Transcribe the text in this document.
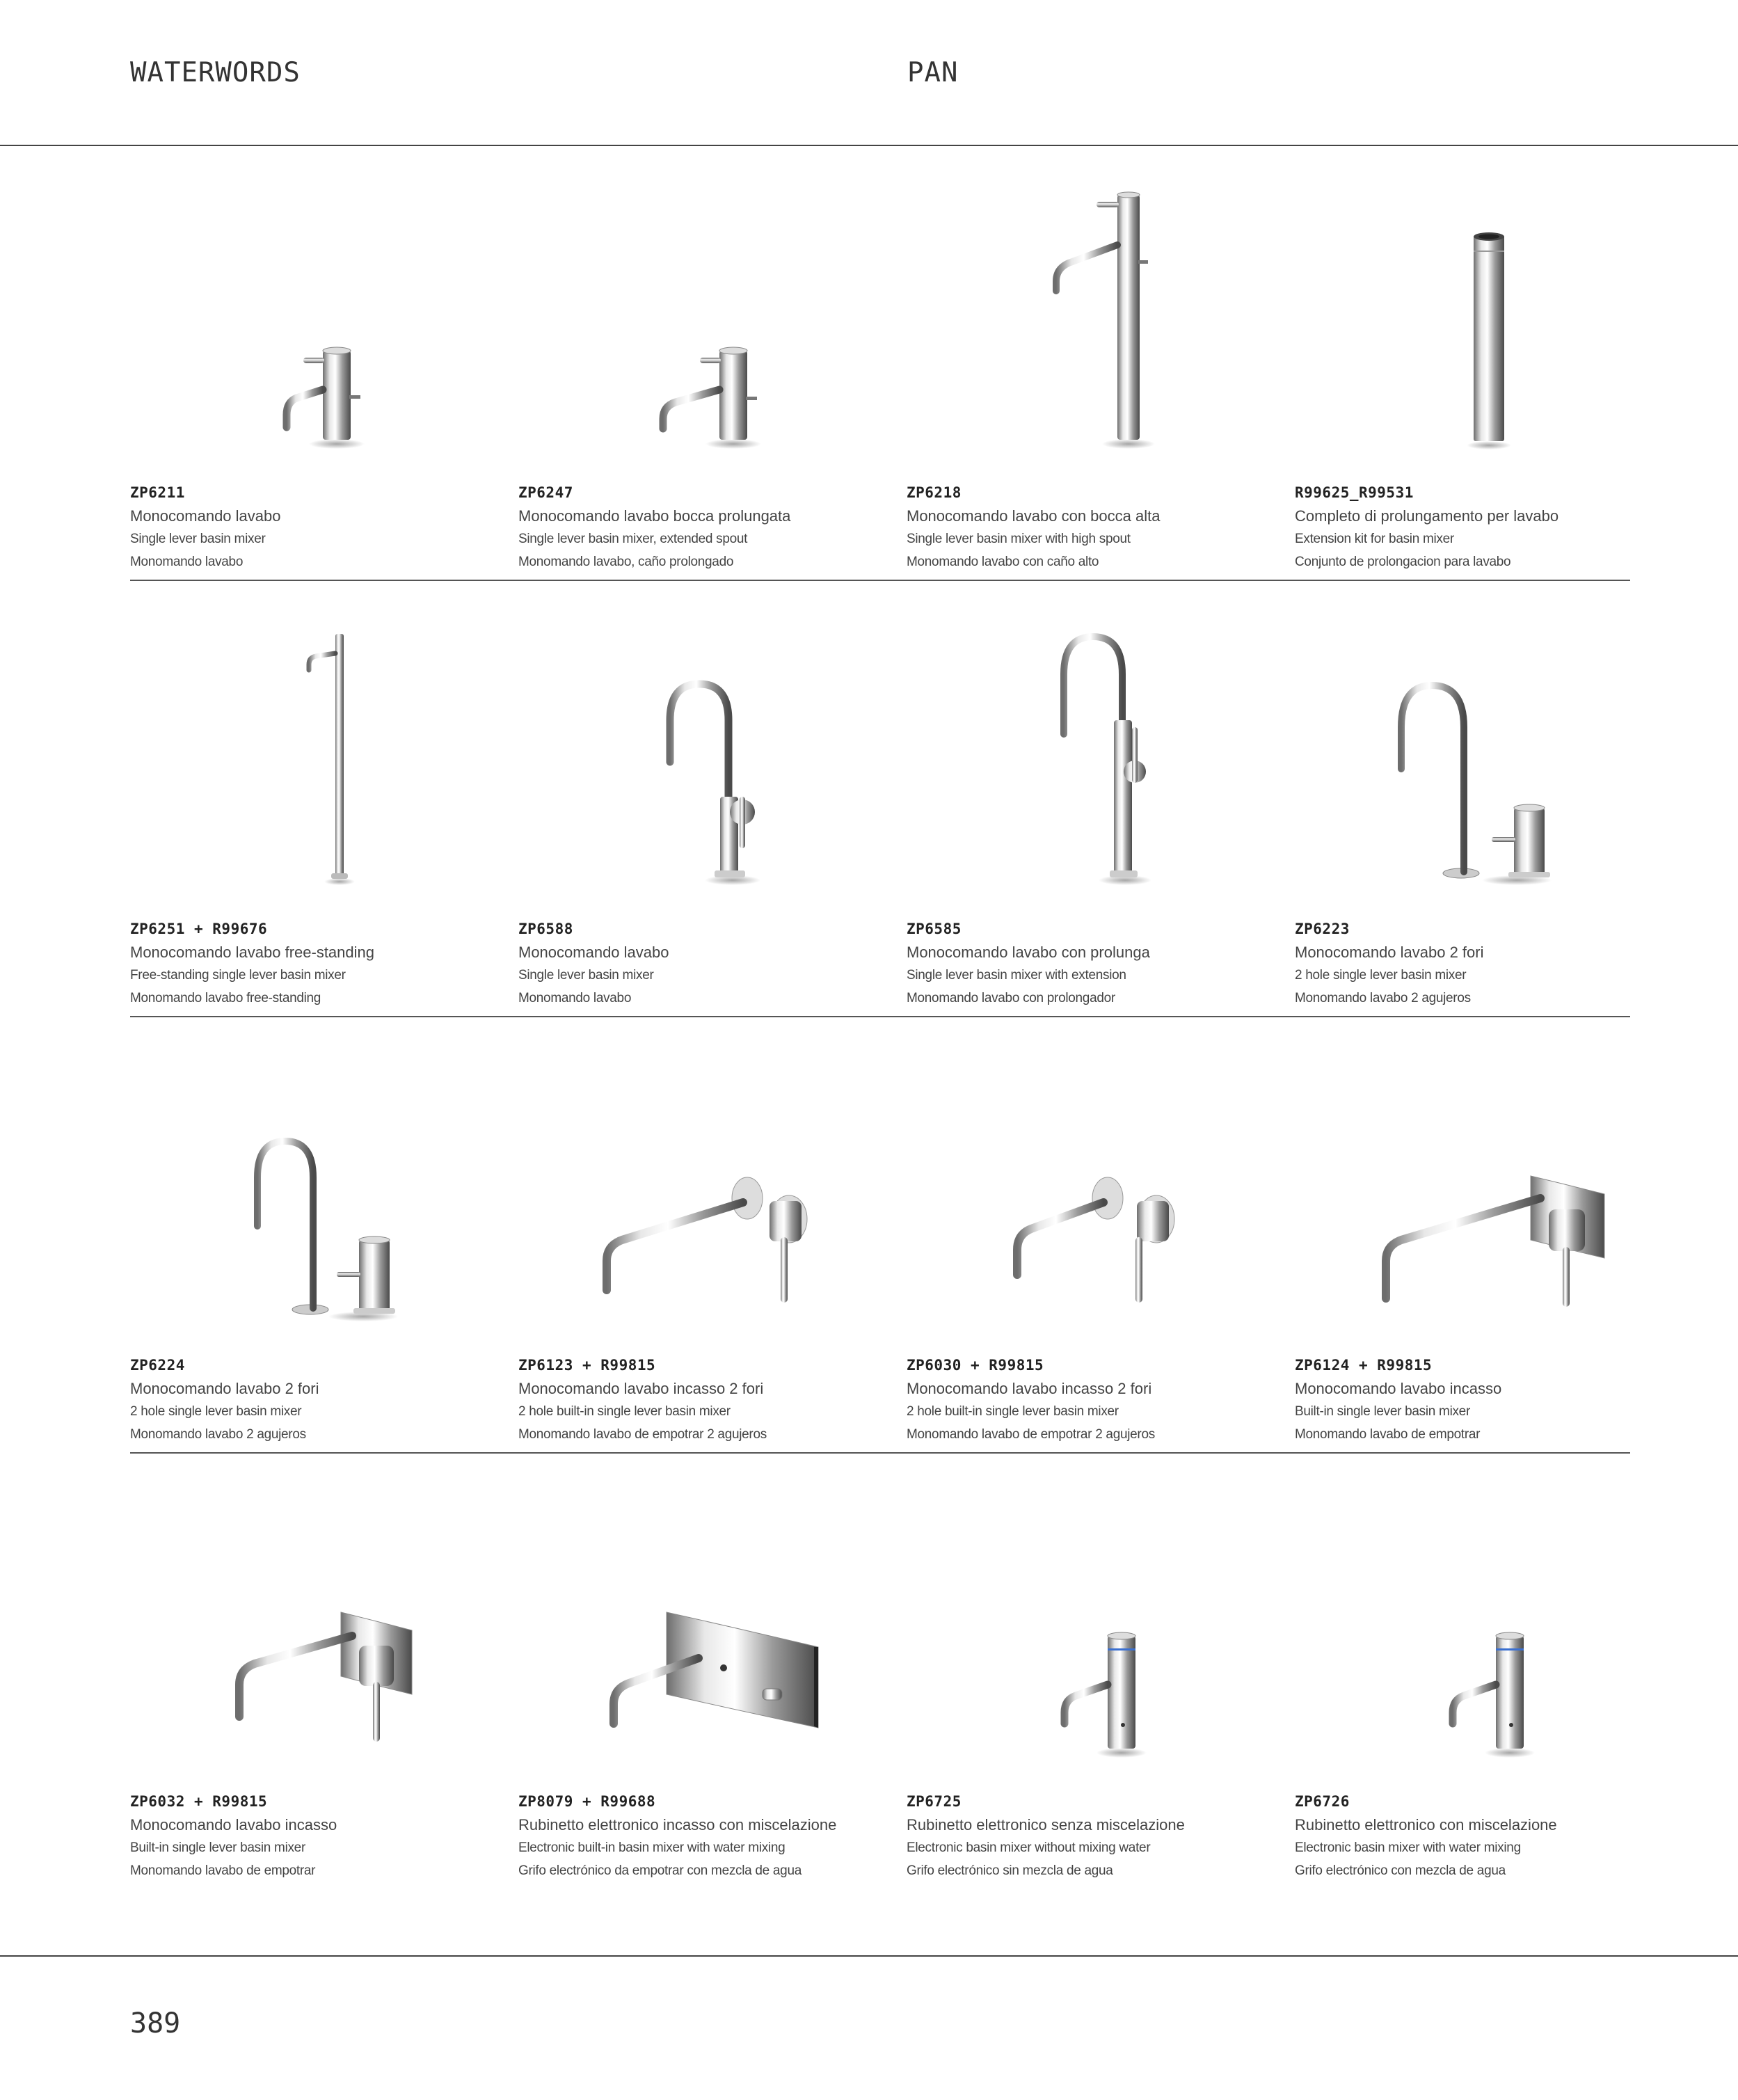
WATERWORDS	PAN
ZP6211
Monocomando lavabo
Single lever basin mixer
Monomando lavabo
ZP6247
Monocomando lavabo bocca prolungata
Single lever basin mixer, extended spout
Monomando lavabo, caño prolongado
ZP6218
Monocomando lavabo con bocca alta
Single lever basin mixer with high spout
Monomando lavabo con caño alto
R99625_R99531
Completo di prolungamento per lavabo
Extension kit for basin mixer
Conjunto de prolongacion para lavabo
ZP6251 + R99676
Monocomando lavabo free-standing
Free-standing single lever basin mixer
Monomando lavabo free-standing
ZP6588
Monocomando lavabo
Single lever basin mixer
Monomando lavabo
ZP6585
Monocomando lavabo con prolunga
Single lever basin mixer with extension
Monomando lavabo con prolongador
ZP6223
Monocomando lavabo 2 fori
2 hole single lever basin mixer
Monomando lavabo 2 agujeros
ZP6224
Monocomando lavabo 2 fori
2 hole single lever basin mixer
Monomando lavabo 2 agujeros
ZP6123 + R99815
Monocomando lavabo incasso 2 fori
2 hole built-in single lever basin mixer
Monomando lavabo de empotrar 2 agujeros
ZP6030 + R99815
Monocomando lavabo incasso 2 fori
2 hole built-in single lever basin mixer
Monomando lavabo de empotrar 2 agujeros
ZP6124 + R99815
Monocomando lavabo incasso
Built-in single lever basin mixer
Monomando lavabo de empotrar
ZP6032 + R99815
Monocomando lavabo incasso
Built-in single lever basin mixer
Monomando lavabo de empotrar
ZP8079 + R99688
Rubinetto elettronico incasso con miscelazione
Electronic built-in basin mixer with water mixing
Grifo electrónico da empotrar con mezcla de agua
ZP6725
Rubinetto elettronico senza miscelazione
Electronic basin mixer without mixing water
Grifo electrónico sin mezcla de agua
ZP6726
Rubinetto elettronico con miscelazione
Electronic basin mixer with water mixing
Grifo electrónico con mezcla de agua
389
